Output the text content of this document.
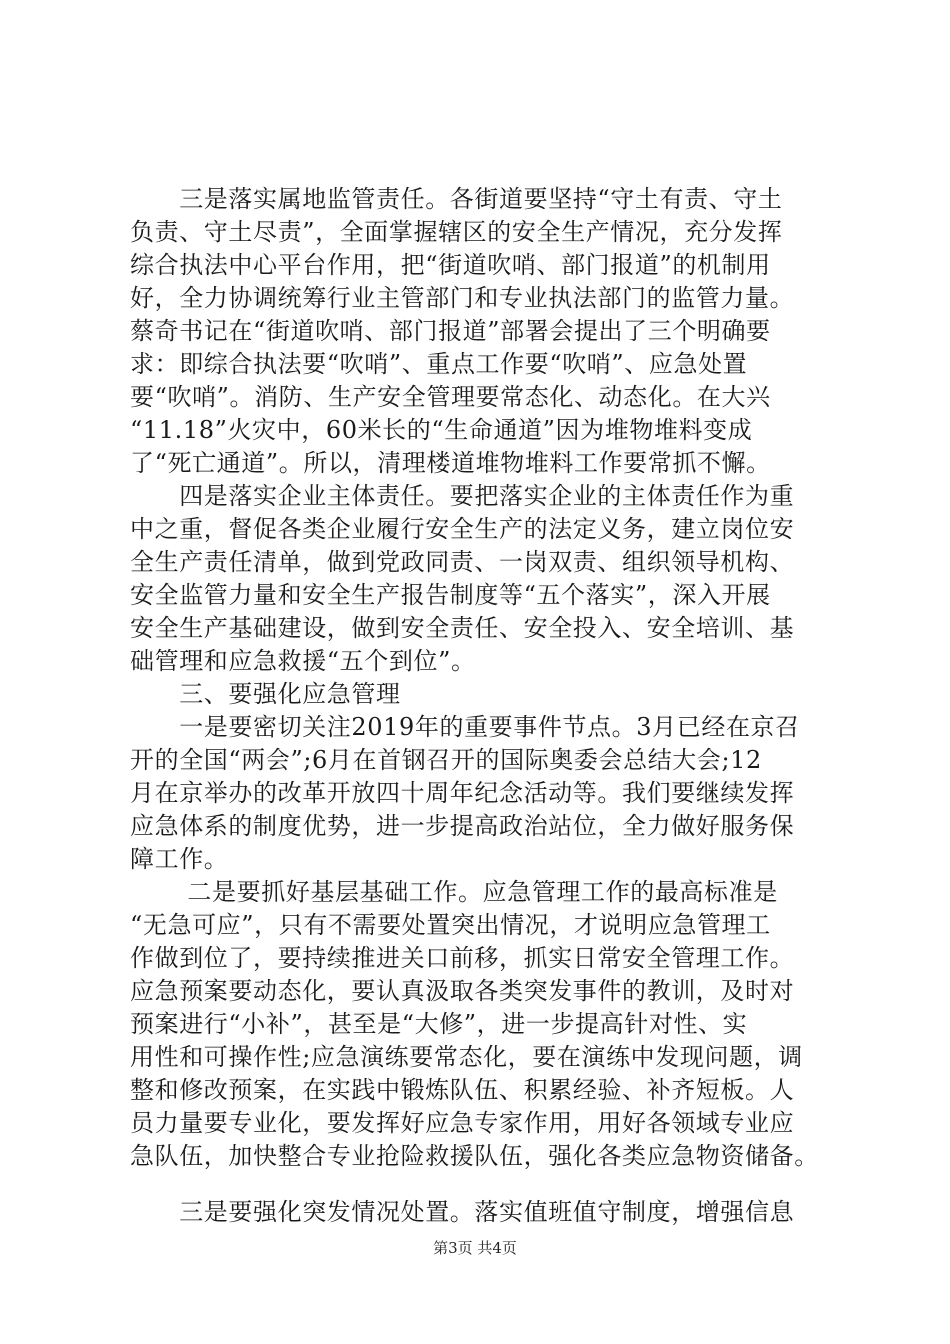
　　三是落实属地监管责任。各街道要坚持“守土有责、守土
负责、守土尽责”，全面掌握辖区的安全生产情况，充分发挥
综合执法中心平台作用，把“街道吹哨、部门报道”的机制用
好，全力协调统筹行业主管部门和专业执法部门的监管力量。
蔡奇书记在“街道吹哨、部门报道”部署会提出了三个明确要
求：即综合执法要“吹哨”、重点工作要“吹哨”、应急处置
要“吹哨”。消防、生产安全管理要常态化、动态化。在大兴
“11.18”火灾中，60米长的“生命通道”因为堆物堆料变成
了“死亡通道”。所以，清理楼道堆物堆料工作要常抓不懈。
　　四是落实企业主体责任。要把落实企业的主体责任作为重
中之重，督促各类企业履行安全生产的法定义务，建立岗位安
全生产责任清单，做到党政同责、一岗双责、组织领导机构、
安全监管力量和安全生产报告制度等“五个落实”，深入开展
安全生产基础建设，做到安全责任、安全投入、安全培训、基
础管理和应急救援“五个到位”。
　　三、要强化应急管理
　　一是要密切关注2019年的重要事件节点。3月已经在京召
开的全国“两会”;6月在首钢召开的国际奥委会总结大会;12
月在京举办的改革开放四十周年纪念活动等。我们要继续发挥
应急体系的制度优势，进一步提高政治站位，全力做好服务保
障工作。
　　 二是要抓好基层基础工作。应急管理工作的最高标准是
“无急可应”，只有不需要处置突出情况，才说明应急管理工
作做到位了，要持续推进关口前移，抓实日常安全管理工作。
应急预案要动态化，要认真汲取各类突发事件的教训，及时对
预案进行“小补”，甚至是“大修”，进一步提高针对性、实
用性和可操作性;应急演练要常态化，要在演练中发现问题，调
整和修改预案，在实践中锻炼队伍、积累经验、补齐短板。人
员力量要专业化，要发挥好应急专家作用，用好各领域专业应
急队伍，加快整合专业抢险救援队伍，强化各类应急物资储备。
　　三是要强化突发情况处置。落实值班值守制度，增强信息
第3页 共4页
